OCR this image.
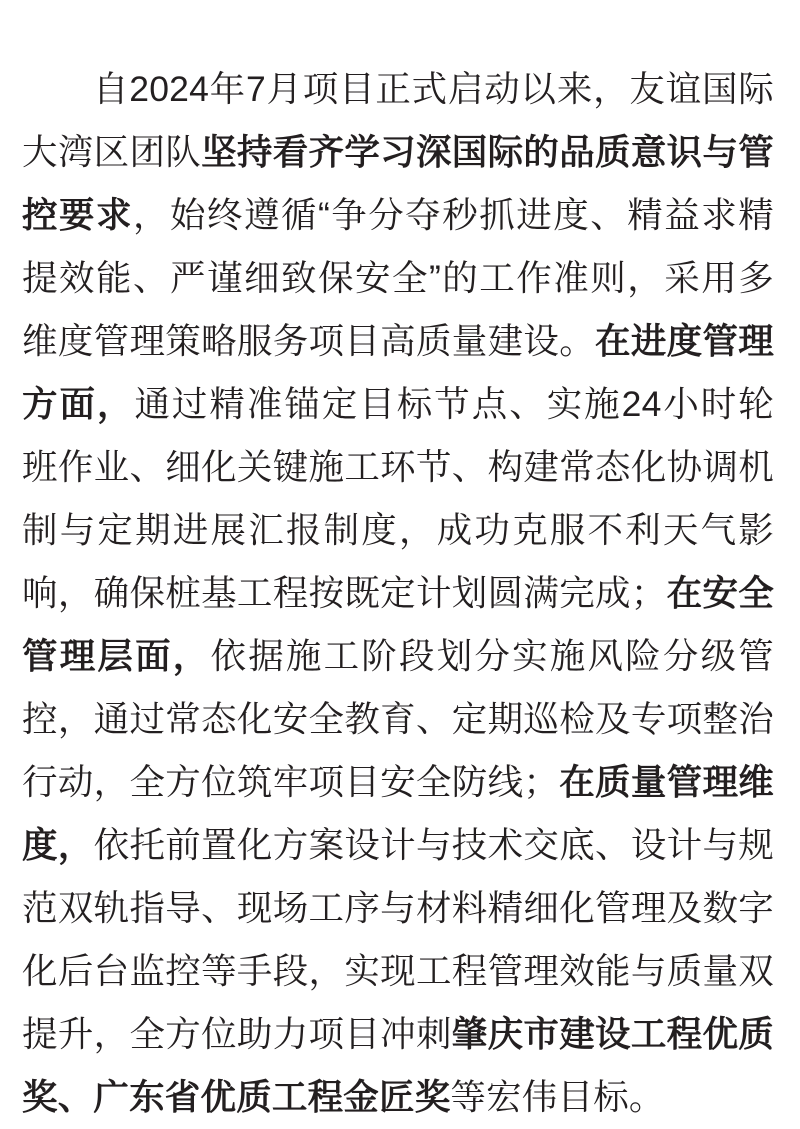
自2024年7月项目正式启动以来，友谊国际大湾区团队坚持看齐学习深国际的品质意识与管控要求，始终遵循“争分夺秒抓进度、精益求精提效能、严谨细致保安全”的工作准则，采用多维度管理策略服务项目高质量建设。在进度管理方面，通过精准锚定目标节点、实施24小时轮班作业、细化关键施工环节、构建常态化协调机制与定期进展汇报制度，成功克服不利天气影响，确保桩基工程按既定计划圆满完成；在安全管理层面，依据施工阶段划分实施风险分级管控，通过常态化安全教育、定期巡检及专项整治行动，全方位筑牢项目安全防线；在质量管理维度，依托前置化方案设计与技术交底、设计与规范双轨指导、现场工序与材料精细化管理及数字化后台监控等手段，实现工程管理效能与质量双提升，全方位助力项目冲刺肇庆市建设工程优质奖、广东省优质工程金匠奖等宏伟目标。
